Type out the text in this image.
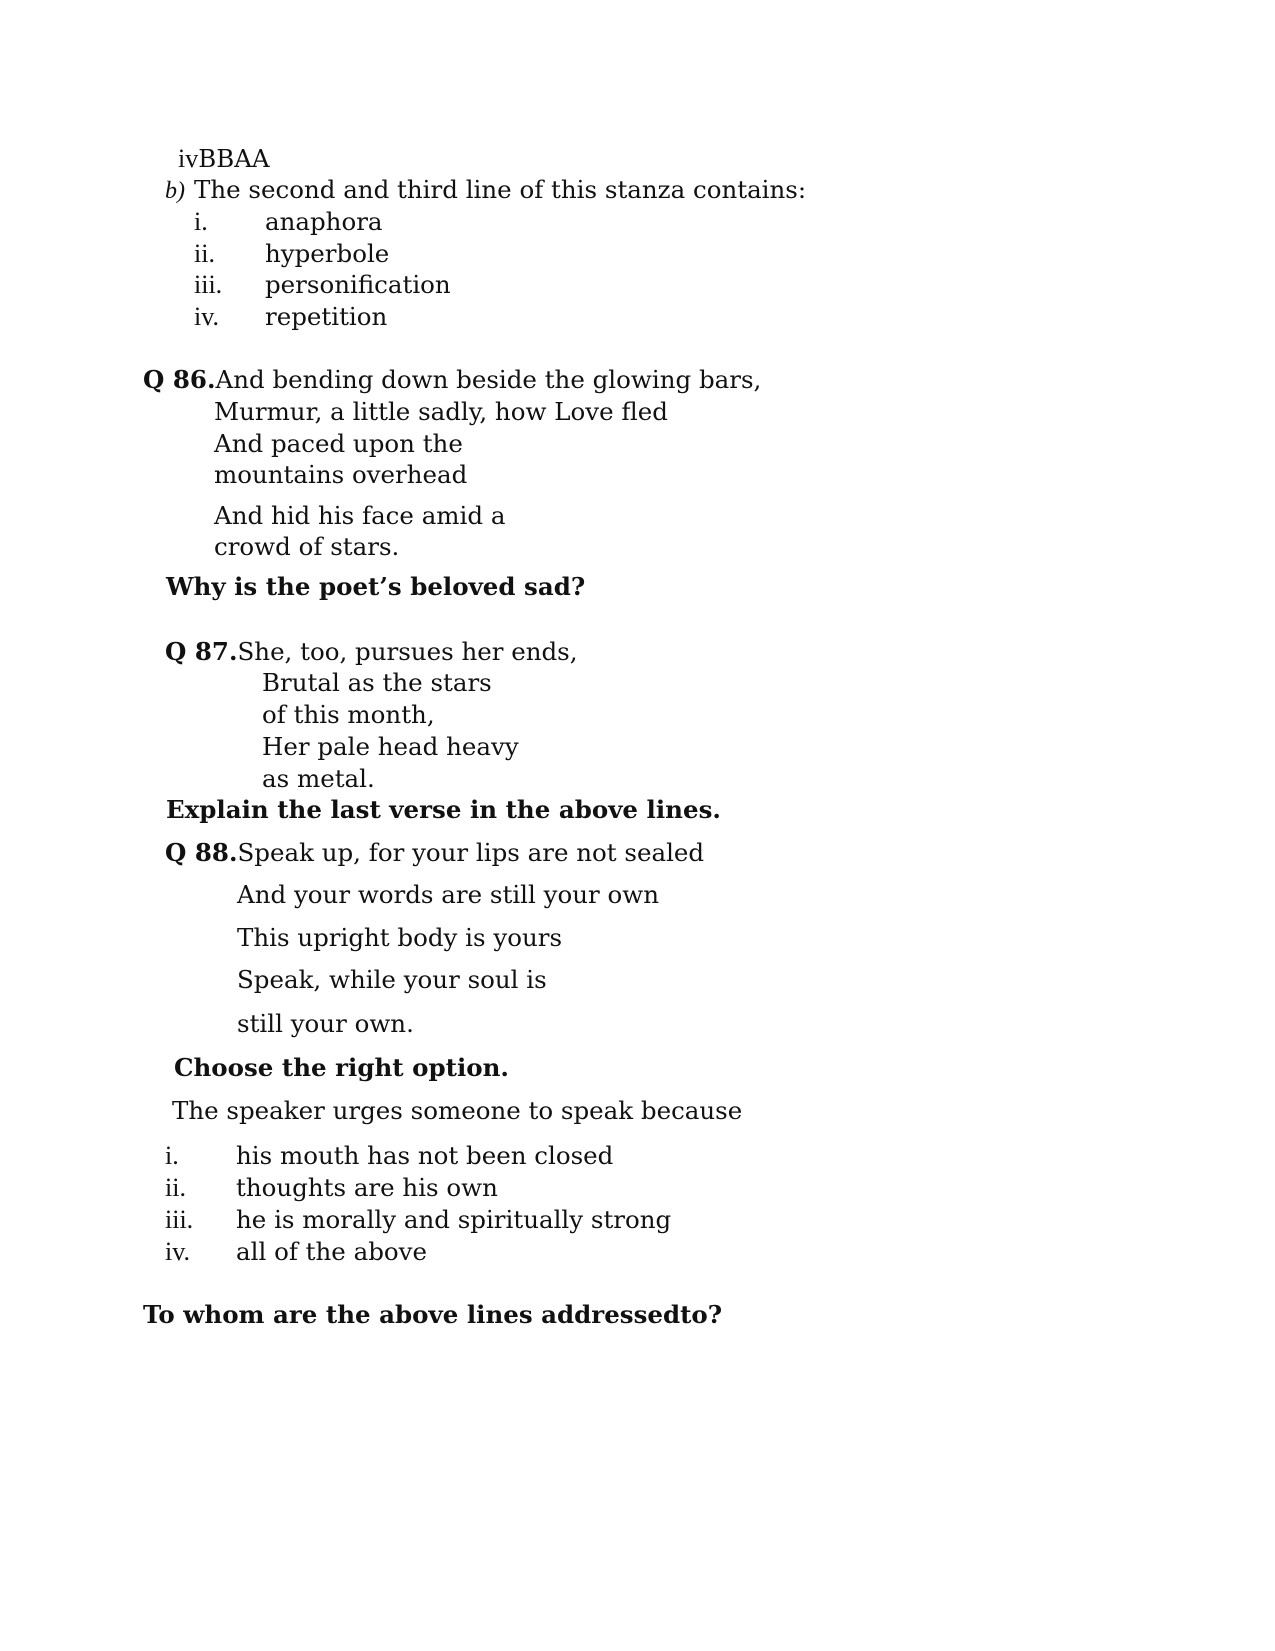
ivBBAA
b) The second and third line of this stanza contains:
i. anaphora
ii. hyperbole
iii. personification
iv. repetition
Q 86.And bending down beside the glowing bars,
Murmur, a little sadly, how Love fled
And paced upon the
mountains overhead
And hid his face amid a
crowd of stars.
Why is the poet’s beloved sad?
Q 87.She, too, pursues her ends,
Brutal as the stars
of this month,
Her pale head heavy
as metal.
Explain the last verse in the above lines.
Q 88.Speak up, for your lips are not sealed
And your words are still your own
This upright body is yours
Speak, while your soul is
still your own.
Choose the right option.
The speaker urges someone to speak because
i. his mouth has not been closed
ii. thoughts are his own
iii. he is morally and spiritually strong
iv. all of the above
To whom are the above lines addressedto?
